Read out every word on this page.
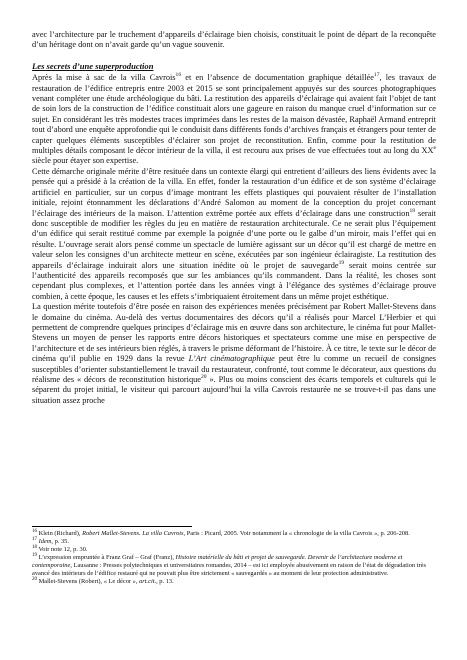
avec l’architecture par le truchement d’appareils d’éclairage bien choisis, constituait le point de départ de la reconquête d’un héritage dont on n’avait garde qu’un vague souvenir.

Les secrets d’une superproduction

Après la mise à sac de la villa Cavrois$^{16}$ et en l’absence de documentation graphique détaillée$^{17}$, les travaux de restauration de l’édifice entrepris entre 2003 et 2015 se sont principalement appuyés sur des sources photographiques venant compléter une étude archéologique du bâti. La restitution des appareils d’éclairage qui avaient fait l’objet de tant de soin lors de la construction de l’édifice constituait alors une gageure en raison du manque cruel d’information sur ce sujet. En considérant les très modestes traces imprimées dans les restes de la maison dévastée, Raphaël Armand entreprit tout d’abord une enquête approfondie qui le conduisit dans différents fonds d’archives français et étrangers pour tenter de capter quelques éléments susceptibles d’éclairer son projet de reconstitution. Enfin, comme pour la restitution de multiples détails composant le décor intérieur de la villa, il est recouru aux prises de vue effectuées tout au long du XXe siècle pour étayer son expertise.

Cette démarche originale mérite d’être resituée dans un contexte élargi qui entretient d’ailleurs des liens évidents avec la pensée qui a présidé à la création de la villa. En effet, fonder la restauration d’un édifice et de son système d’éclairage artificiel en particulier, sur un corpus d’image montrant les effets plastiques qui pouvaient résulter de l’installation initiale, rejoint étonnamment les déclarations d’André Salomon au moment de la conception du projet concernant l’éclairage des intérieurs de la maison. L’attention extrême portée aux effets d’éclairage dans une construction$^{18}$ serait donc susceptible de modifier les règles du jeu en matière de restauration architecturale. Ce ne serait plus l’équipement d’un édifice qui serait restitué comme par exemple la poignée d’une porte ou le galbe d’un miroir, mais l’effet qui en résulte. L’ouvrage serait alors pensé comme un spectacle de lumière agissant sur un décor qu’il est chargé de mettre en valeur selon les consignes d’un architecte metteur en scène, exécutées par son ingénieur éclairagiste. La restitution des appareils d’éclairage induirait alors une situation inédite où le projet de sauvegarde$^{19}$ serait moins centrée sur l’authenticité des appareils recomposés que sur les ambiances qu’ils commandent. Dans la réalité, les choses sont cependant plus complexes, et l’attention portée dans les années vingt à l’élégance des systèmes d’éclairage prouve combien, à cette époque, les causes et les effets s’imbriquaient étroitement dans un même projet esthétique.

La question mérite toutefois d’être posée en raison des expériences menées précisément par Robert Mallet-Stevens dans le domaine du cinéma. Au-delà des vertus documentaires des décors qu’il a réalisés pour Marcel L’Herbier et qui permettent de comprendre quelques principes d’éclairage mis en œuvre dans son architecture, le cinéma fut pour Mallet-Stevens un moyen de penser les rapports entre décors historiques et spectateurs comme une mise en perspective de l’architecture et de ses intérieurs bien réglés, à travers le prisme déformant de l’histoire. À ce titre, le texte sur le décor de cinéma qu’il publie en 1929 dans la revue L’Art cinématographique peut être lu comme un recueil de consignes susceptibles d’orienter substantiellement le travail du restaurateur, confronté, tout comme le décorateur, aux questions du réalisme des « décors de reconstitution historique$^{20}$ ». Plus ou moins conscient des écarts temporels et culturels qui le séparent du projet initial, le visiteur qui parcourt aujourd’hui la villa Cavrois restaurée ne se trouve-t-il pas dans une situation assez proche

$^{16}$ Klein (Richard), Robert Mallet-Stevens. La villa Cavrois, Paris : Picard, 2005. Voir notamment la « chronologie de la villa Cavrois », p. 206-208.

$^{17}$ Idem, p. 35.

$^{18}$ Voir note 12, p. 30.

$^{19}$ L’expression empruntée à Franz Graf – Graf (Franz), Histoire matérielle du bâti et projet de sauvegarde. Devenir de l’architecture moderne et contemporaine, Lausanne : Presses polytechniques et universitaires romandes, 2014 – est ici employée abusivement en raison de l’état de dégradation très avancé des intérieurs de l’édifice restauré qui ne pouvait plus être strictement « sauvegardés » au moment de leur protection administrative.

$^{20}$ Mallet-Stevens (Robert), « Le décor », art.cit., p. 13.
